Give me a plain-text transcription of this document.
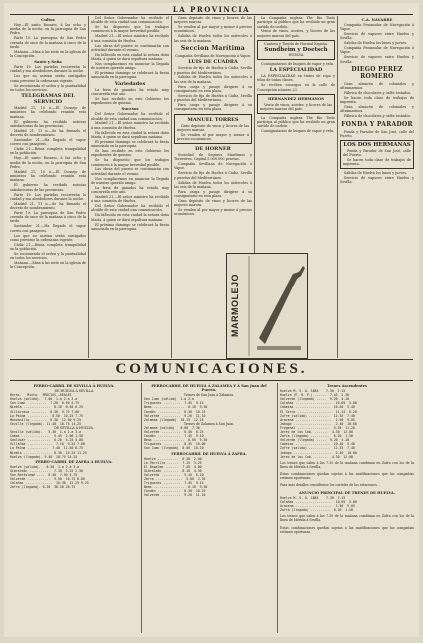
LA PROVINCIA
Cultos

Hoy.—El santo Rosario, á las ocho y media de la noche, en la parroquia de San Pedro.

Parte 19. La parroquia de San Pedro cerrada de once de la mañana á cinco de la tarde.

Mañana.—Misa á las siete en la iglesia de la Concepción.

Santo y Seña

Parte 19. Las partidas recorrerán la ciudad y sus alrededores durante la noche.

Los que no asistan serán castigados como previene la ordenanza vigente.

Se recomienda el orden y la puntualidad en todos los servicios.

TELEGRAMAS DEL SERVICIO

Madrid 21, 10 n.—El Consejo de ministros ha celebrado reunión esta mañana.

El gobierno ha recibido noticias satisfactorias de las provincias.

Madrid 21, 11 n.—Se ha firmado el decreto de nombramiento.

Santander 21.—Ha llegado el vapor correo con pasajeros.

Cádiz 21.—Reina completa tranquilidad en la población.

Hoy.—El santo Rosario, á las ocho y media de la noche, en la parroquia de San Pedro.

Madrid 21, 10 n.—El Consejo de ministros ha celebrado reunión esta mañana.

El gobierno ha recibido noticias satisfactorias de las provincias.

Parte 19. Las partidas recorrerán la ciudad y sus alrededores durante la noche.

Madrid 21, 11 n.—Se ha firmado el decreto de nombramiento.

Parte 19. La parroquia de San Pedro cerrada de once de la mañana á cinco de la tarde.

Santander 21.—Ha llegado el vapor correo con pasajeros.

Los que no asistan serán castigados como previene la ordenanza vigente.

Cádiz 21.—Reina completa tranquilidad en la población.

Se recomienda el orden y la puntualidad en todos los servicios.

Mañana.—Misa á las siete en la iglesia de la Concepción.

Del Señor Gobernador ha recibido el alcalde de esta ciudad una comunicación.

Se ha dispuesto que los trabajos comiencen á la mayor brevedad posible.

Madrid 21.—El señor ministro ha recibido á una comisión de Huelva.

Las obras del puerto se continuarán con actividad durante el verano.

Ha fallecido en esta ciudad la señora doña María, á quien se dará sepultura mañana.

Nos complacemos en anunciar la llegada de nuestro querido amigo.

El próximo domingo se celebrará la fiesta anunciada en la parroquia.

Variedades

La feria de ganados ha estado muy concurrida este año.

Se han recibido en este Gobierno los expedientes de quintas.

Sucesos

Del Señor Gobernador ha recibido el alcalde de esta ciudad una comunicación.

Madrid 21.—El señor ministro ha recibido á una comisión de Huelva.

Ha fallecido en esta ciudad la señora doña María, á quien se dará sepultura mañana.

El próximo domingo se celebrará la fiesta anunciada en la parroquia.

Se han recibido en este Gobierno los expedientes de quintas.

Se ha dispuesto que los trabajos comiencen á la mayor brevedad posible.

Las obras del puerto se continuarán con actividad durante el verano.

Nos complacemos en anunciar la llegada de nuestro querido amigo.

La feria de ganados ha estado muy concurrida este año.

Madrid 21.—El señor ministro ha recibido á una comisión de Huelva.

Del Señor Gobernador ha recibido el alcalde de esta ciudad una comunicación.

Ha fallecido en esta ciudad la señora doña María, á quien se dará sepultura mañana.

El próximo domingo se celebrará la fiesta anunciada en la parroquia.

Gran depósito de vinos y licores de las mejores marcas.

Se venden al por mayor y menor á precios económicos.

Salidas de Huelva todos los miércoles á las seis de la mañana.

Seccion Marítima

Compañía Sevillana de Navegación á Vapor.

LUIS DE CUADRA

Servicio de fijo de Huelva á Cádiz, Sevilla y puertos del Mediterráneo.

Salidas de Huelva todos los miércoles á las seis de la mañana.

Para carga y pasaje dirigirse á su consignatario en esta plaza.

Servicio de fijo de Huelva á Cádiz, Sevilla y puertos del Mediterráneo.

Para carga y pasaje dirigirse á su consignatario en esta plaza.

MANUEL TORRES

Gran depósito de vinos y licores de las mejores marcas.

Se venden al por mayor y menor á precios económicos.

DE HORNER

Sociedad de Seguros Marítimos y Terrestres. Capital 5.000.000 pesetas.

Compañía Sevillana de Navegación á Vapor.

Servicio de fijo de Huelva á Cádiz, Sevilla y puertos del Mediterráneo.

Salidas de Huelva todos los miércoles á las seis de la mañana.

Para carga y pasaje dirigirse á su consignatario en esta plaza.

Gran depósito de vinos y licores de las mejores marcas.

Se venden al por mayor y menor á precios económicos.

La Compañía inglesa The Rio Tinto participa al público que ha recibido un gran surtido de carbón.

Venta de vinos, aceites, y licores de las mejores marcas del país.

Cantera y Tienda de Hormal España.

Sundheim y Doetsch
HUELVA

Consignatarios de buques de vapor y vela.

LA ESPECIALIDAD

LA ESPECIALIDAD en tintes de ropa y telas de todas clases.

Se reciben encargos en la calle de Concepción número 23.

HERNANDEZ HERMANOS

Venta de vinos, aceites, y licores de las mejores marcas del país.

La Compañía inglesa The Rio Tinto participa al público que ha recibido un gran surtido de carbón.

Consignatarios de buques de vapor y vela.

MARMOLEJO
C.A. NAVARRE

Compañía Peninsular de Navegación á Vapor.

Servicio de vapores entre Huelva y Sevilla.

Salidas de Huelva los lunes y jueves.

Compañía Peninsular de Navegación á Vapor.

Servicio de vapores entre Huelva y Sevilla.

DIEGO PEREZ ROMERO

Gran almacén de coloniales y ultramarinos.

Fábrica de chocolates y cafés tostados.

Se hacen toda clase de trabajos de imprenta.

Gran almacén de coloniales y ultramarinos.

Fábrica de chocolates y cafés tostados.

FONDA Y PARADOR

Fonda y Parador de San José, calle del Puerto.

LOS DOS HERMANAS

Fonda y Parador de San José, calle del Puerto.

Se hacen toda clase de trabajos de imprenta.

Salidas de Huelva los lunes y jueves.

Servicio de vapores entre Huelva y Sevilla.

COMUNICACIONES.
FERRO-CARRIL DE SEVILLA Á HUELVA.
DE HUELVA Á SEVILLA
Horas.   Mixto.  PRECIOS.—REALES
Huelva (salida).  7.00  1.a 2.a 3.a
San Juan ..........  7.20  6.50 4.75
Niebla ..............  8.10  8.50 6.25
Villarrasa ........  8.30  9.75 7.00
La Palma ...........  8.50  10.25 7.75
Manzanilla ........  9.30  12.50 9.25
Sevilla (llegada). 11.40  18.75 14.25
DE SEVILLA Á HUELVA.
Sevilla (salida).   5.30  1.a 2.a 3.a
Camas ...............  5.45  2.00 1.50
Sanlúcar ............  6.20  5.25 4.00
Villalba .............  7.10  9.25 7.00
La Palma ...........  7.40  11.50 8.75
Niebla ..............  8.30  15.25 11.25
Huelva (llegada). 9.40  18.75 14.25
FERRO-CARRIL DE ZAFRA A HUELVA.
Huelva (salida).   6.30  1.a 2.a 3.a
Gibraleón ...........  7.10  3.25 2.50
San Bartolomé ....  8.40  7.50 5.75
Valverde ............  9.50  10.75 8.00
Calañas ..............  10.30  12.25 9.25
Zafra (llegada). 6.20  38.50 28.75
FERROCARRIL DE HUELVA Á ZALAMEA Y Á San Juan del Puerto.
Trenes de San Juan á Zalamea.
San Juan (salida)  1.a 2.a
Trigueros .........  7.45  9.15
Beas ................  8.10  9.50
Candón ............  8.30  10.15
Valverde ..........  9.20  11.10
Zalamea (llegada)  10.15  12.25
Trenes de Zalamea á San Juan.
Zalamea (salida)   6.00  7.30
Valverde ..........  6.50  8.25
Candón ............  7.45  9.10
Beas ................  8.05  9.30
Trigueros .........  8.35  10.00
San Juan (llegada)  8.50  10.20
FERROCARRIL DE HUELVA Á ZAFRA.
Huelva ...........  6.30  2.40
La Parrilla ......  7.15  3.25
El Empalme .......  7.45  4.00
Gibraleón ........  8.10  4.30
Valverde ..........  9.45  6.10
Zafra ..............  5.00  2.35
Trigueros .........  7.45  9.15
Beas ................  8.10  9.50
Candón ............  8.30  10.15
Valverde ..........  9.20  11.10
Trenes Ascendentes
Huelva M. S. A. 1884    7.30  2.15
Huelva (E. H. P.) ......  7.45  2.30
Valverde (llegada) .....  9.20  4.10
Calañas ...................  10.05  5.00
Cabezas ..................  10.40  5.40
El Cerro ..................  11.15  6.20
Zufre (salida) ...........  12.35  7.40
Aracena ...................  1.50  9.05
Jabugo ....................  2.40  10.00
Fregenal .................  3.55  11.20
Jerez de los Cab. .......  4.30  12.00
Zafra (llegada) ..........  6.20  1.50
Valverde (llegada) .....  9.20  4.10
Cabezas ..................  10.40  5.40
Zufre (salida) ...........  12.35  7.40
Jabugo ....................  2.40  10.00
Jerez de los Cab. .......  4.30  12.00

Los trenes que salen á las 7.30 de la mañana combinan en Zafra con los de la línea de Mérida á Sevilla.

Estas combinaciones quedan sujetas á las modificaciones que las compañías estimen oportunas.

Para más detalles consúltense los carteles de las estaciones.

ANUNCIO PRINCIPAL DE TRENES DE HUELVA.
Huelva M. S. A. 1884    7.30  2.15
Calañas ...................  10.05  5.00
Aracena ...................  1.50  9.05
Zafra (llegada) ..........  6.20  1.50

Los trenes que salen á las 7.30 de la mañana combinan en Zafra con los de la línea de Mérida á Sevilla.

Estas combinaciones quedan sujetas á las modificaciones que las compañías estimen oportunas.
